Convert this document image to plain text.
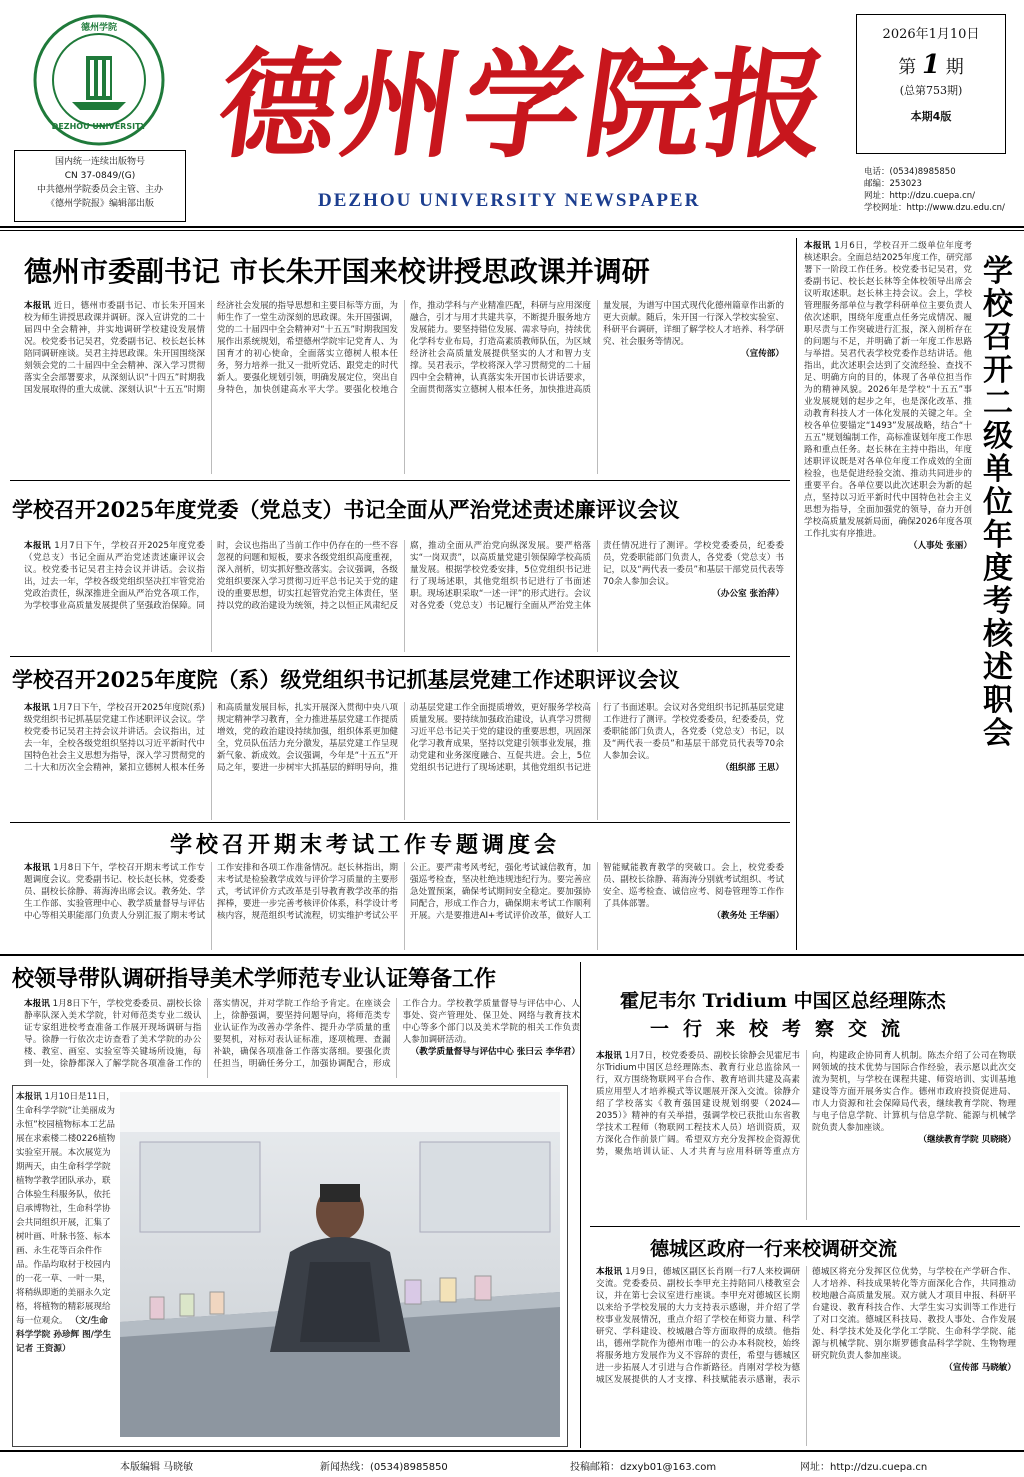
德州学院
DEZHOU UNIVERSITY
国内统一连续出版物号
CN 37-0849/(G)
中共德州学院委员会主管、主办
《德州学院报》编辑部出版
德州学院报
DEZHOU UNIVERSITY NEWSPAPER
2026年1月10日
第 1 期
(总第753期)
本期4版
电话：(0534)8985850
邮编：253023
网址：http://dzu.cuepa.cn/
学校网址：http://www.dzu.edu.cn/
德州市委副书记 市长朱开国来校讲授思政课并调研
本报讯 近日，德州市委副书记、市长朱开国来校为师生讲授思政课并调研。深入宣讲党的二十届四中全会精神，并实地调研学校建设发展情况。校党委书记吴君，党委副书记、校长赵长林陪同调研座谈。吴君主持思政课。朱开国围绕深刻领会党的二十届四中全会精神、深入学习贯彻落实全会部署要求，从深刻认识“十四五”时期我国发展取得的重大成就、深刻认识“十五五”时期经济社会发展的指导思想和主要目标等方面，为师生作了一堂生动深刻的思政课。朱开国强调，党的二十届四中全会精神对“十五五”时期我国发展作出系统规划，希望德州学院牢记党育人、为国育才的初心使命，全面落实立德树人根本任务，努力培养一批又一批听党话、跟党走的时代新人。要强化规划引领，明确发展定位，突出自身特色，加快创建高水平大学。要强化校地合作，推动学科与产业精准匹配，科研与应用深度融合，引才与用才共建共享，不断提升服务地方发展能力。要坚持错位发展、需求导向，持续优化学科专业布局，打造高素质教师队伍，为区域经济社会高质量发展提供坚实的人才和智力支撑。吴君表示，学校将深入学习贯彻党的二十届四中全会精神，认真落实朱开国市长讲话要求，全面贯彻落实立德树人根本任务，加快推进高质量发展，为谱写中国式现代化德州篇章作出新的更大贡献。随后，朱开国一行深入学校实验室、科研平台调研，详细了解学校人才培养、科学研究、社会服务等情况。
（宣传部）
学校召开2025年度党委（党总支）书记全面从严治党述责述廉评议会议
本报讯 1月7日下午，学校召开2025年度党委（党总支）书记全面从严治党述责述廉评议会议。校党委书记吴君主持会议并讲话。会议指出，过去一年，学校各级党组织坚决扛牢管党治党政治责任，纵深推进全面从严治党各项工作，为学校事业高质量发展提供了坚强政治保障。同时，会议也指出了当前工作中仍存在的一些不容忽视的问题和短板，要求各级党组织高度重视，深入剖析，切实抓好整改落实。会议强调，各级党组织要深入学习贯彻习近平总书记关于党的建设的重要思想，切实扛起管党治党主体责任，坚持以党的政治建设为统领，持之以恒正风肃纪反腐，推动全面从严治党向纵深发展。要严格落实“一岗双责”，以高质量党建引领保障学校高质量发展。根据学校党委安排，5位党组织书记进行了现场述职，其他党组织书记进行了书面述职。现场述职采取“一述一评”的形式进行。会议对各党委（党总支）书记履行全面从严治党主体责任情况进行了测评。学校党委委员，纪委委员，党委职能部门负责人，各党委（党总支）书记，以及“两代表一委员”和基层干部党员代表等70余人参加会议。
（办公室 张治萍）
学校召开2025年度院（系）级党组织书记抓基层党建工作述职评议会议
本报讯 1月7日下午，学校召开2025年度院(系)级党组织书记抓基层党建工作述职评议会议。学校党委书记吴君主持会议并讲话。会议指出，过去一年，全校各级党组织坚持以习近平新时代中国特色社会主义思想为指导，深入学习贯彻党的二十大和历次全会精神，紧扣立德树人根本任务和高质量发展目标，扎实开展深入贯彻中央八项规定精神学习教育，全力推进基层党建工作提质增效，党的政治建设持续加强，组织体系更加健全，党员队伍活力充分激发，基层党建工作呈现新气象、新成效。会议强调，今年是“十五五”开局之年，要进一步树牢大抓基层的鲜明导向，推动基层党建工作全面提质增效，更好服务学校高质量发展。要持续加强政治建设，认真学习贯彻习近平总书记关于党的建设的重要思想，巩固深化学习教育成果，坚持以党建引领事业发展，推动党建和业务深度融合、互促共进。会上，5位党组织书记进行了现场述职，其他党组织书记进行了书面述职。会议对各党组织书记抓基层党建工作进行了测评。学校党委委员，纪委委员，党委职能部门负责人，各党委（党总支）书记，以及“两代表一委员”和基层干部党员代表等70余人参加会议。
（组织部 王思）
学校召开期末考试工作专题调度会
本报讯 1月8日下午，学校召开期末考试工作专题调度会议。党委副书记、校长赵长林，党委委员、副校长徐静、蒋海涛出席会议。教务处、学生工作部、实验管理中心、教学质量督导与评估中心等相关职能部门负责人分别汇报了期末考试工作安排和各项工作准备情况。赵长林指出，期末考试是检验教学成效与评价学习质量的主要形式，考试评价方式改革是引导教育教学改革的指挥棒，要进一步完善考核评价体系，科学设计考核内容，规范组织考试流程，切实维护考试公平公正。要严肃考风考纪，强化考试诚信教育，加强巡考检查，坚决杜绝违规违纪行为。要完善应急处置预案，确保考试期间安全稳定。要加强协同配合，形成工作合力，确保期末考试工作顺利开展。六是要推进AI+考试评价改革，做好人工智能赋能教育教学的突破口。会上，校党委委员、副校长徐静、蒋海涛分别就考试组织、考试安全、巡考检查、诚信应考、阅卷管理等工作作了具体部署。
（教务处 王华丽）
学校召开二级单位年度考核述职会
本报讯 1月6日，学校召开二级单位年度考核述职会。全面总结2025年度工作，研究部署下一阶段工作任务。校党委书记吴君，党委副书记、校长赵长林等全体校领导出席会议听取述职。赵长林主持会议。会上，学校管理服务部单位与教学科研单位主要负责人依次述职，围绕年度重点任务完成情况、履职尽责与工作突破进行汇报，深入剖析存在的问题与不足，并明确了新一年度工作思路与举措。吴君代表学校党委作总结讲话。他指出，此次述职会达到了交流经验、查找不足、明确方向的目的，体现了各单位担当作为的精神风貌。2026年是学校“十五五”事业发展规划的起步之年，也是深化改革、推动教育科技人才一体化发展的关键之年。全校各单位要锚定“1493”发展战略，结合“十五五”规划编制工作，高标准谋划年度工作思路和重点任务。赵长林在主持中指出，年度述职评议既是对各单位年度工作成效的全面检验，也是促进经验交流、推动共同进步的重要平台。各单位要以此次述职会为新的起点，坚持以习近平新时代中国特色社会主义思想为指导，全面加强党的领导，奋力开创学校高质量发展新局面，确保2026年度各项工作扎实有序推进。
（人事处 张丽）
校领导带队调研指导美术学师范专业认证筹备工作
本报讯 1月8日下午，学校党委委员、副校长徐静率队深入美术学院，针对师范类专业二级认证专家组进校考查准备工作展开现场调研与指导。徐静一行依次走访查看了美术学院的办公楼、教室、画室、实验室等关键场所设施，每到一处，徐静都深入了解学院各项准备工作的落实情况，并对学院工作给予肯定。在座谈会上，徐静强调，要坚持问题导向，将师范类专业认证作为改善办学条件、提升办学质量的重要契机，对标对表认证标准，逐项梳理、查漏补缺，确保各项准备工作落实落细。要强化责任担当，明确任务分工，加强协调配合，形成工作合力。学校教学质量督导与评估中心、人事处、资产管理处、保卫处、网络与教育技术中心等多个部门以及美术学院的相关工作负责人参加调研活动。
（教学质量督导与评估中心 张曰云 李华君）
本报讯 1月10日是11日，生命科学学院“让美丽成为永恒”校园植物标本工艺品展在求索楼二楼0226植物实验室开展。本次展览为期两天，由生命科学学院植物学教学团队承办，联合体验生科服务队，依托启承博物社，生命科学协会共同组织开展，汇集了树叶画、叶脉书签、标本画、永生花等百余件作品。作品均取材于校园内的一花一草、一叶一果，将稍纵即逝的美丽永久定格，将植物的精彩展现给每一位观众。 （文/生命科学学院 孙珍辉 图/学生记者 王资源）
霍尼韦尔 Tridium 中国区总经理陈杰
一行来校考察交流
本报讯 1月7日，校党委委员、副校长徐静会见霍尼韦尔Tridium中国区总经理陈杰、教育行业总监徐风一行，双方围绕物联网平台合作、教育培训共建及高素质应用型人才培养模式等议题展开深入交流。徐静介绍了学校落实《教育强国建设规划纲要（2024—2035）》精神的有关举措，强调学校已获批山东省教学技术工程师（物联网工程技术人员）培训资质，双方深化合作前景广阔。希望双方充分发挥校企资源优势，聚焦培训认证、人才共育与应用科研等重点方向，构建政企协同育人机制。陈杰介绍了公司在物联网领域的技术优势与国际合作经验，表示愿以此次交流为契机，与学校在课程共建、师资培训、实训基地建设等方面开展务实合作。德州市政府投资促进局、市人力资源和社会保障局代表，继续教育学院、物理与电子信息学院、计算机与信息学院、能源与机械学院负责人参加座谈。
（继续教育学院 贝晓晓）
德城区政府一行来校调研交流
本报讯 1月9日，德城区副区长肖刚一行7人来校调研交流。党委委员、副校长李甲充主持陪同八楼教室会议，并在第七会议室进行座谈。李甲充对德城区长期以来给予学校发展的大力支持表示感谢，并介绍了学校事业发展情况，重点介绍了学校在师资力量、科学研究、学科建设、校城融合等方面取得的成绩。他指出，德州学院作为德州市唯一的公办本科院校，始终将服务地方发展作为义不容辞的责任，希望与德城区进一步拓展人才引进与合作新路径。肖刚对学校为德城区发展提供的人才支撑、科技赋能表示感谢，表示德城区将充分发挥区位优势，与学校在产学研合作、人才培养、科技成果转化等方面深化合作，共同推动校地融合高质量发展。双方就人才项目申报、科研平台建设、教育科技合作、大学生实习实训等工作进行了对口交流。德城区科技局、教投人事处、合作发展处、科学技术处及化学化工学院、生命科学学院、能源与机械学院、别尔斯罗德食品科学学院、生物物理研究院负责人参加座谈。
（宣传部 马晓敏）
本版编辑 马晓敏	新闻热线：(0534)8985850	投稿邮箱：dzxyb01@163.com	网址：http://dzu.cuepa.cn
